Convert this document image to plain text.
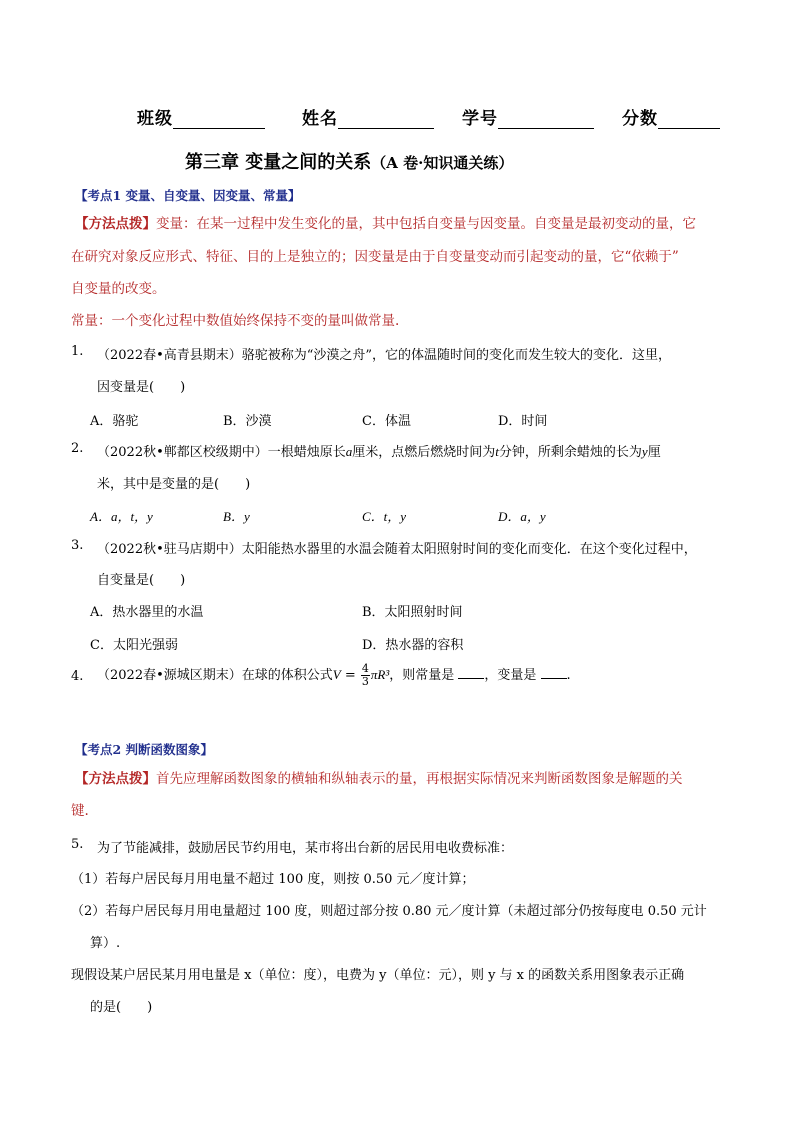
班级	姓名	学号	分数
第三章 变量之间的关系（A 卷·知识通关练）
【考点1 变量、自变量、因变量、常量】
【方法点拨】变量：在某一过程中发生变化的量，其中包括自变量与因变量。自变量是最初变动的量，它
在研究对象反应形式、特征、目的上是独立的；因变量是由于自变量变动而引起变动的量，它“依赖于”
自变量的改变。
常量：一个变化过程中数值始终保持不变的量叫做常量.
1. （2022春•高青县期末）骆驼被称为“沙漠之舟”，它的体温随时间的变化而发生较大的变化．这里，
因变量是(　　)
A．骆驼	B．沙漠	C．体温	D．时间
2. （2022秋•郸都区校级期中）一根蜡烛原长a厘米，点燃后燃烧时间为t分钟，所剩余蜡烛的长为y厘
米，其中是变量的是(　　)
A．a，t，y	B．y	C．t，y	D．a，y
3. （2022秋•驻马店期中）太阳能热水器里的水温会随着太阳照射时间的变化而变化．在这个变化过程中，
自变量是(　　)
A．热水器里的水温	B．太阳照射时间
C．太阳光强弱	D．热水器的容积
4. （2022春•源城区期末）在球的体积公式$V = \frac{4}{3} \pi R^3$，则常量是 ，变量是 .
【考点2 判断函数图象】
【方法点拨】首先应理解函数图象的横轴和纵轴表示的量，再根据实际情况来判断函数图象是解题的关
键.
5. 为了节能减排，鼓励居民节约用电，某市将出台新的居民用电收费标准：
（1）若每户居民每月用电量不超过 100 度，则按 0.50 元／度计算；
（2）若每户居民每月用电量超过 100 度，则超过部分按 0.80 元／度计算（未超过部分仍按每度电 0.50 元计
算）.
现假设某户居民某月用电量是 x（单位：度），电费为 y（单位：元），则 y 与 x 的函数关系用图象表示正确
的是(　　)
